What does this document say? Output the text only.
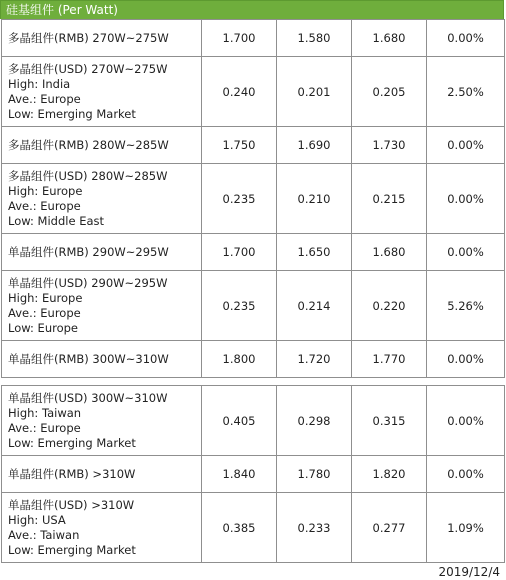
硅基组件 (Per Watt)
多晶组件(RMB) 270W~275W	1.700	1.580	1.680	0.00%

多晶组件(USD) 270W~275W
High: India
Ave.: Europe
Low: Emerging Market	0.240	0.201	0.205	2.50%

多晶组件(RMB) 280W~285W	1.750	1.690	1.730	0.00%

多晶组件(USD) 280W~285W
High: Europe
Ave.: Europe
Low: Middle East	0.235	0.210	0.215	0.00%

单晶组件(RMB) 290W~295W	1.700	1.650	1.680	0.00%

单晶组件(USD) 290W~295W
High: Europe
Ave.: Europe
Low: Europe	0.235	0.214	0.220	5.26%

单晶组件(RMB) 300W~310W	1.800	1.720	1.770	0.00%
单晶组件(USD) 300W~310W
High: Taiwan
Ave.: Europe
Low: Emerging Market	0.405	0.298	0.315	0.00%

单晶组件(RMB) >310W	1.840	1.780	1.820	0.00%

单晶组件(USD) >310W
High: USA
Ave.: Taiwan
Low: Emerging Market	0.385	0.233	0.277	1.09%
2019/12/4
